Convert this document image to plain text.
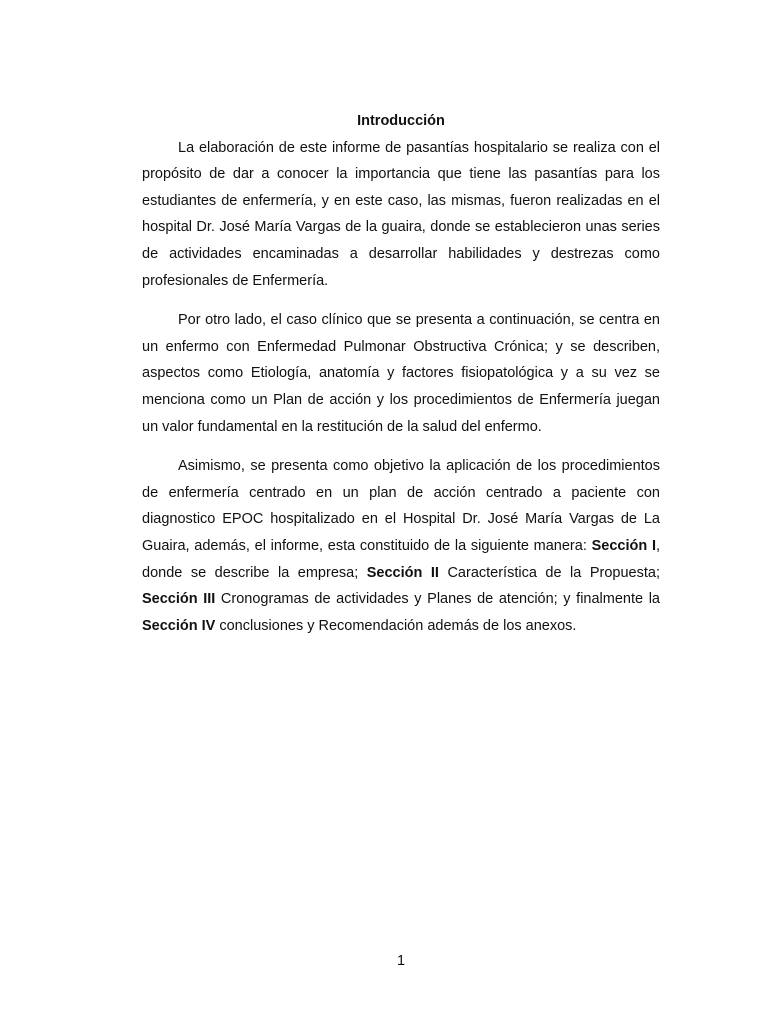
Introducción

La elaboración de este informe de pasantías hospitalario se realiza con el propósito de dar a conocer la importancia que tiene las pasantías para los estudiantes de enfermería, y en este caso, las mismas, fueron realizadas en el hospital Dr. José María Vargas de la guaira, donde se establecieron unas series de actividades encaminadas a desarrollar habilidades y destrezas como profesionales de Enfermería.

Por otro lado, el caso clínico que se presenta a continuación, se centra en un enfermo con Enfermedad Pulmonar Obstructiva Crónica; y se describen, aspectos como Etiología, anatomía y factores fisiopatológica y a su vez se menciona como un Plan de acción y los procedimientos de Enfermería juegan un valor fundamental en la restitución de la salud del enfermo.

Asimismo, se presenta como objetivo la aplicación de los procedimientos de enfermería centrado en un plan de acción centrado a paciente con diagnostico EPOC hospitalizado en el Hospital Dr. José María Vargas de La Guaira, además, el informe, esta constituido de la siguiente manera: Sección I, donde se describe la empresa; Sección II Característica de la Propuesta; Sección III Cronogramas de actividades y Planes de atención; y finalmente la Sección IV conclusiones y Recomendación además de los anexos.

1
